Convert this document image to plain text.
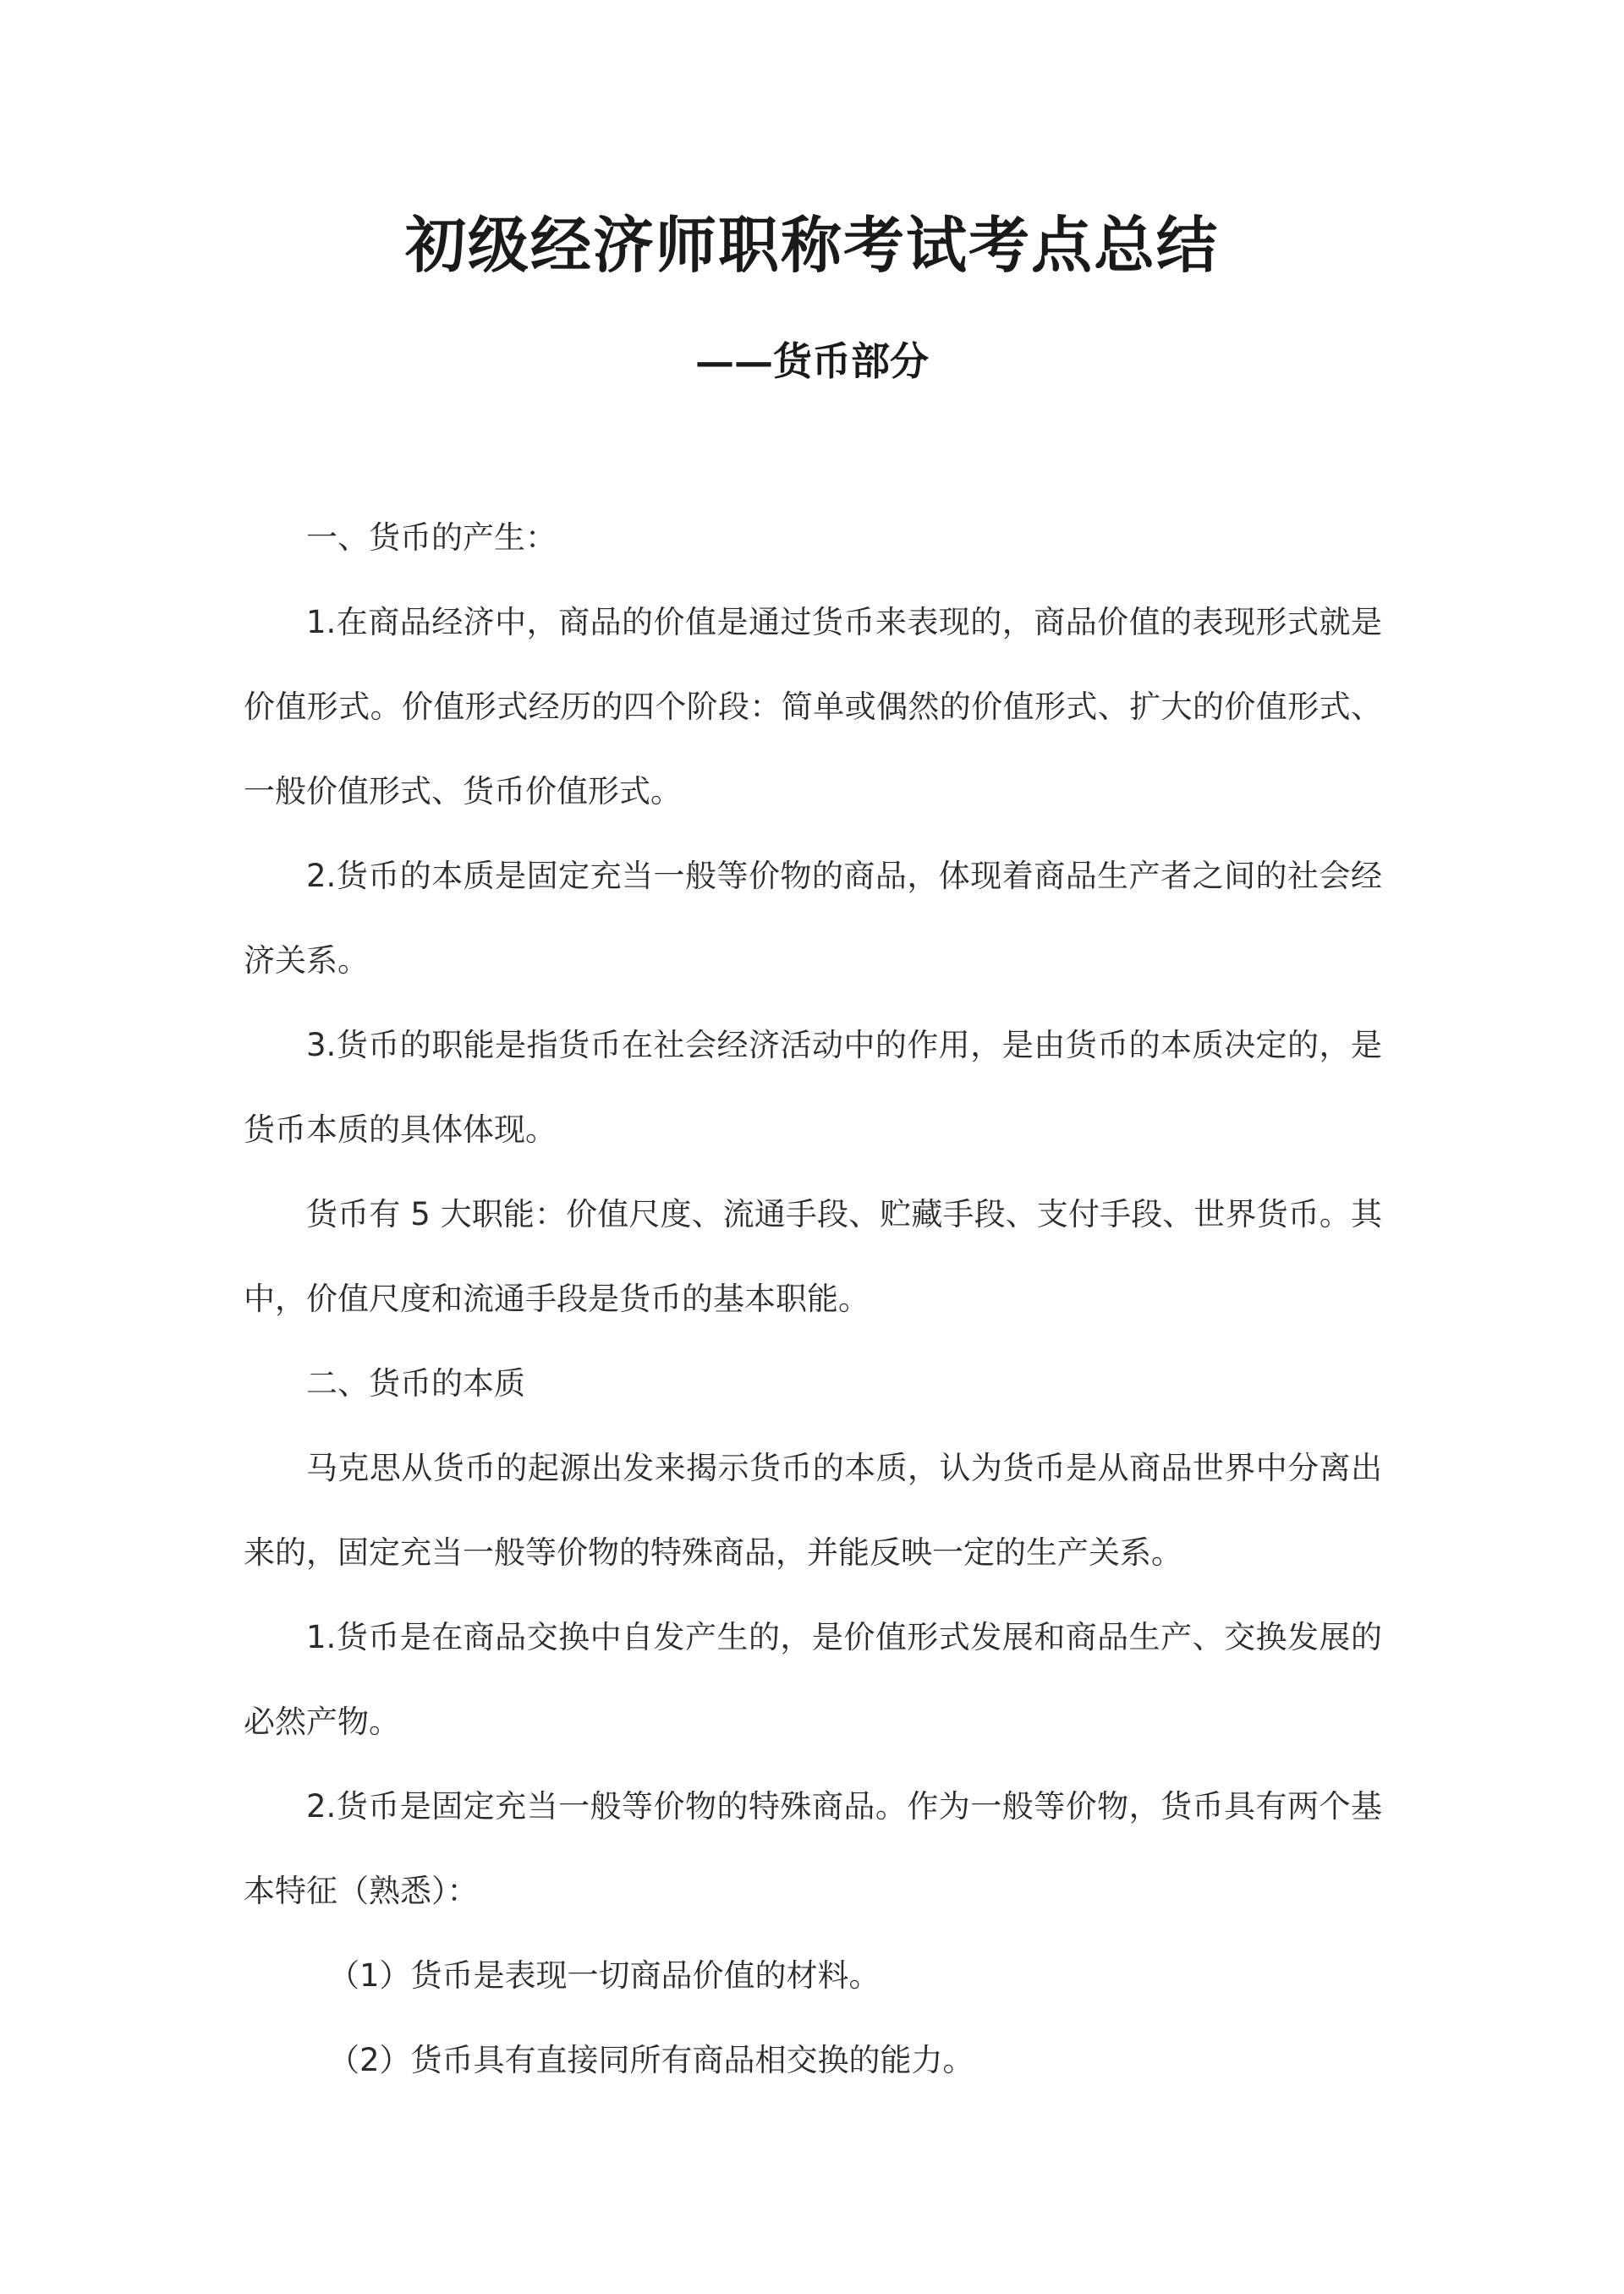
初级经济师职称考试考点总结
——货币部分

一、货币的产生：

1.在商品经济中，商品的价值是通过货币来表现的，商品价值的表现形式就是价值形式。价值形式经历的四个阶段：简单或偶然的价值形式、扩大的价值形式、一般价值形式、货币价值形式。

2.货币的本质是固定充当一般等价物的商品，体现着商品生产者之间的社会经济关系。

3.货币的职能是指货币在社会经济活动中的作用，是由货币的本质决定的，是货币本质的具体体现。

货币有 5 大职能：价值尺度、流通手段、贮藏手段、支付手段、世界货币。其中，价值尺度和流通手段是货币的基本职能。

二、货币的本质

马克思从货币的起源出发来揭示货币的本质，认为货币是从商品世界中分离出来的，固定充当一般等价物的特殊商品，并能反映一定的生产关系。

1.货币是在商品交换中自发产生的，是价值形式发展和商品生产、交换发展的必然产物。

2.货币是固定充当一般等价物的特殊商品。作为一般等价物，货币具有两个基本特征（熟悉）：

（1）货币是表现一切商品价值的材料。

（2）货币具有直接同所有商品相交换的能力。
